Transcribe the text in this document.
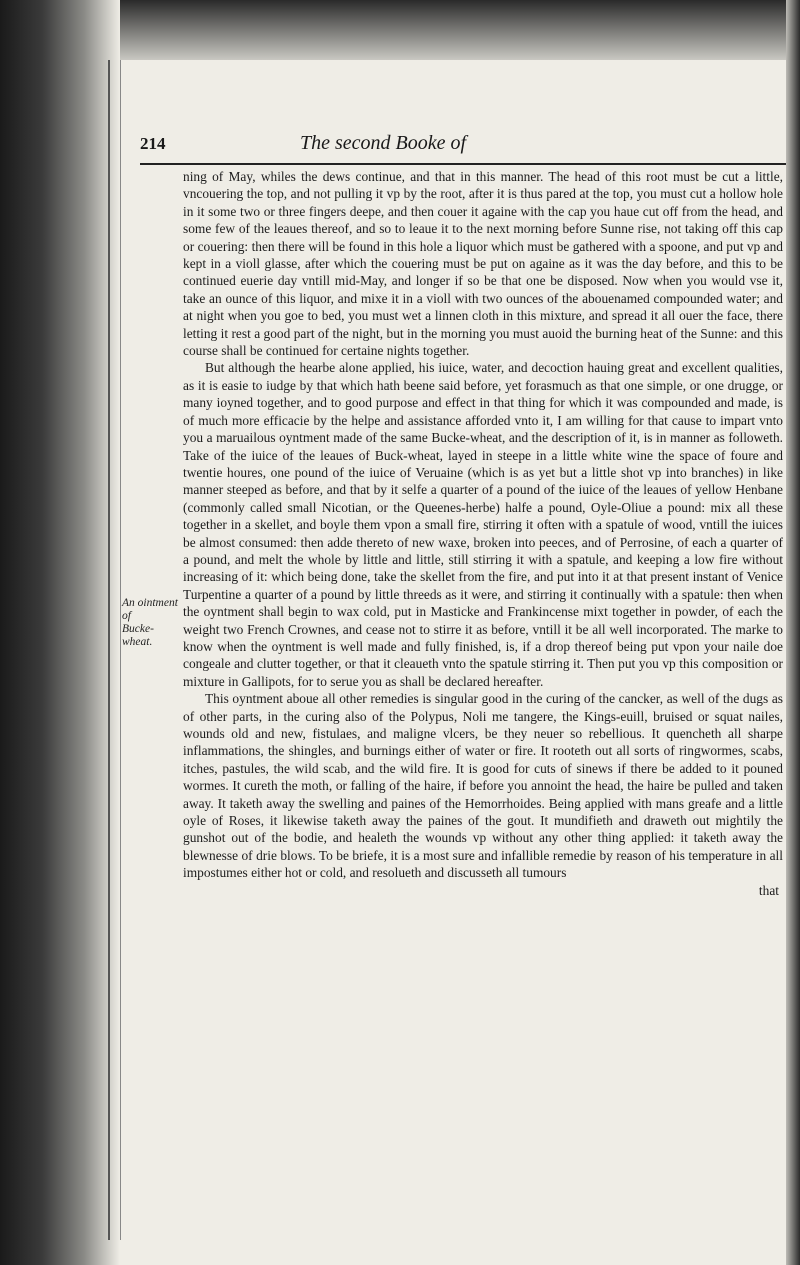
214	The second Booke of
An ointment of
Bucke-wheat.

ning of May, whiles the dews continue, and that in this manner. The head of this root must be cut a little, vncouering the top, and not pulling it vp by the root, after it is thus pared at the top, you must cut a hollow hole in it some two or three fingers deepe, and then couer it againe with the cap you haue cut off from the head, and some few of the leaues thereof, and so to leaue it to the next morning before Sunne rise, not taking off this cap or couering: then there will be found in this hole a liquor which must be gathered with a spoone, and put vp and kept in a violl glasse, after which the couering must be put on againe as it was the day before, and this to be continued euerie day vntill mid-May, and longer if so be that one be disposed. Now when you would vse it, take an ounce of this liquor, and mixe it in a violl with two ounces of the abouenamed compounded water; and at night when you goe to bed, you must wet a linnen cloth in this mixture, and spread it all ouer the face, there letting it rest a good part of the night, but in the morning you must auoid the burning heat of the Sunne: and this course shall be continued for certaine nights together.

But although the hearbe alone applied, his iuice, water, and decoction hauing great and excellent qualities, as it is easie to iudge by that which hath beene said before, yet forasmuch as that one simple, or one drugge, or many ioyned together, and to good purpose and effect in that thing for which it was compounded and made, is of much more efficacie by the helpe and assistance afforded vnto it, I am willing for that cause to impart vnto you a maruailous oyntment made of the same Bucke-wheat, and the description of it, is in manner as followeth. Take of the iuice of the leaues of Buck-wheat, layed in steepe in a little white wine the space of foure and twentie houres, one pound of the iuice of Veruaine (which is as yet but a little shot vp into branches) in like manner steeped as before, and that by it selfe a quarter of a pound of the iuice of the leaues of yellow Henbane (commonly called small Nicotian, or the Queenes-herbe) halfe a pound, Oyle-Oliue a pound: mix all these together in a skellet, and boyle them vpon a small fire, stirring it often with a spatule of wood, vntill the iuices be almost consumed: then adde thereto of new waxe, broken into peeces, and of Perrosine, of each a quarter of a pound, and melt the whole by little and little, still stirring it with a spatule, and keeping a low fire without increasing of it: which being done, take the skellet from the fire, and put into it at that present instant of Venice Turpentine a quarter of a pound by little threeds as it were, and stirring it continually with a spatule: then when the oyntment shall begin to wax cold, put in Masticke and Frankincense mixt together in powder, of each the weight two French Crownes, and cease not to stirre it as before, vntill it be all well incorporated. The marke to know when the oyntment is well made and fully finished, is, if a drop thereof being put vpon your naile doe congeale and clutter together, or that it cleaueth vnto the spatule stirring it. Then put you vp this composition or mixture in Gallipots, for to serue you as shall be declared hereafter.

This oyntment aboue all other remedies is singular good in the curing of the cancker, as well of the dugs as of other parts, in the curing also of the Polypus, Noli me tangere, the Kings-euill, bruised or squat nailes, wounds old and new, fistulaes, and maligne vlcers, be they neuer so rebellious. It quencheth all sharpe inflammations, the shingles, and burnings either of water or fire. It rooteth out all sorts of ringwormes, scabs, itches, pastules, the wild scab, and the wild fire. It is good for cuts of sinews if there be added to it pouned wormes. It cureth the moth, or falling of the haire, if before you annoint the head, the haire be pulled and taken away. It taketh away the swelling and paines of the Hemorrhoides. Being applied with mans greafe and a little oyle of Roses, it likewise taketh away the paines of the gout. It mundifieth and draweth out mightily the gunshot out of the bodie, and healeth the wounds vp without any other thing applied: it taketh away the blewnesse of drie blows. To be briefe, it is a most sure and infallible remedie by reason of his temperature in all impostumes either hot or cold, and resolueth and discusseth all tumours

that
